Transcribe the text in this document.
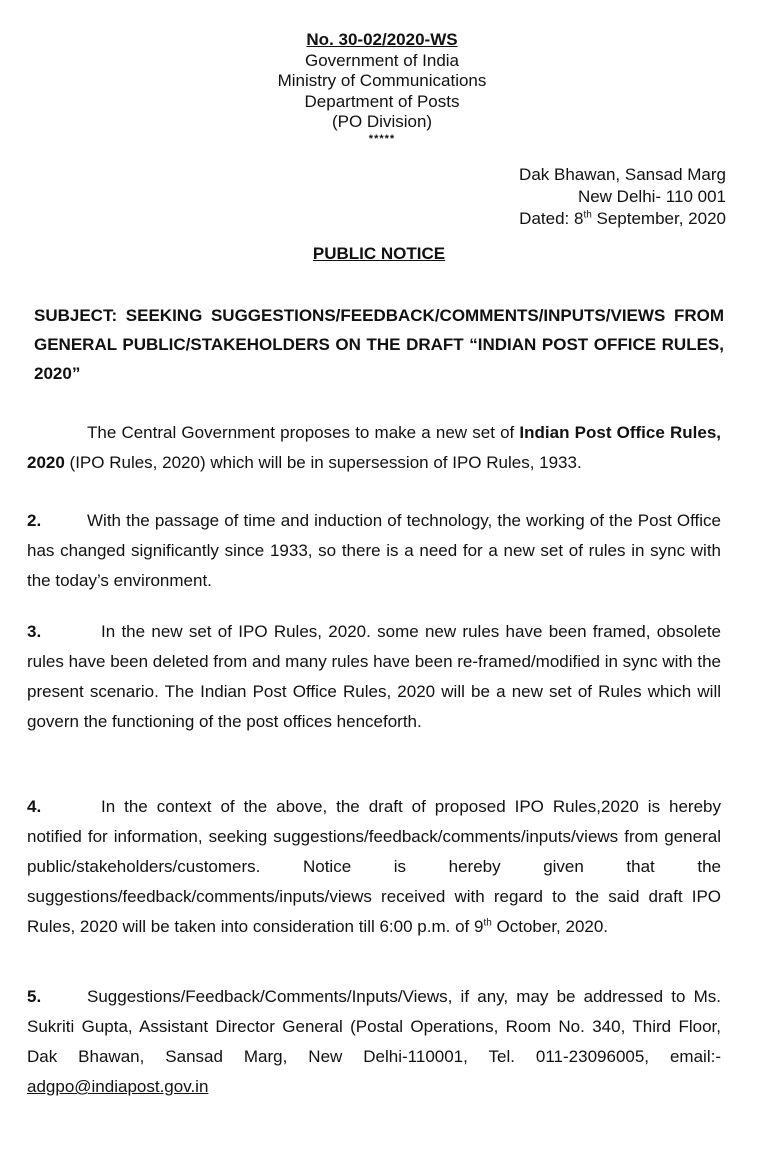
No. 30-02/2020-WS
Government of India
Ministry of Communications
Department of Posts
(PO Division)
*****
Dak Bhawan, Sansad Marg
New Delhi- 110 001
Dated: 8th September, 2020
PUBLIC NOTICE
SUBJECT: SEEKING SUGGESTIONS/FEEDBACK/COMMENTS/INPUTS/VIEWS FROM GENERAL PUBLIC/STAKEHOLDERS ON THE DRAFT “INDIAN POST OFFICE RULES, 2020”
The Central Government proposes to make a new set of Indian Post Office Rules, 2020 (IPO Rules, 2020) which will be in supersession of IPO Rules, 1933.
2.	With the passage of time and induction of technology, the working of the Post Office has changed significantly since 1933, so there is a need for a new set of rules in sync with the today’s environment.
3.	In the new set of IPO Rules, 2020. some new rules have been framed, obsolete rules have been deleted from and many rules have been re-framed/modified in sync with the present scenario. The Indian Post Office Rules, 2020 will be a new set of Rules which will govern the functioning of the post offices henceforth.
4.	In the context of the above, the draft of proposed IPO Rules,2020 is hereby notified for information, seeking suggestions/feedback/comments/inputs/views from general public/stakeholders/customers. Notice is hereby given that the suggestions/feedback/comments/inputs/views received with regard to the said draft IPO Rules, 2020 will be taken into consideration till 6:00 p.m. of 9th October, 2020.
5.	Suggestions/Feedback/Comments/Inputs/Views, if any, may be addressed to Ms. Sukriti Gupta, Assistant Director General (Postal Operations, Room No. 340, Third Floor, Dak Bhawan, Sansad Marg, New Delhi-110001, Tel. 011-23096005, email:- adgpo@indiapost.gov.in
